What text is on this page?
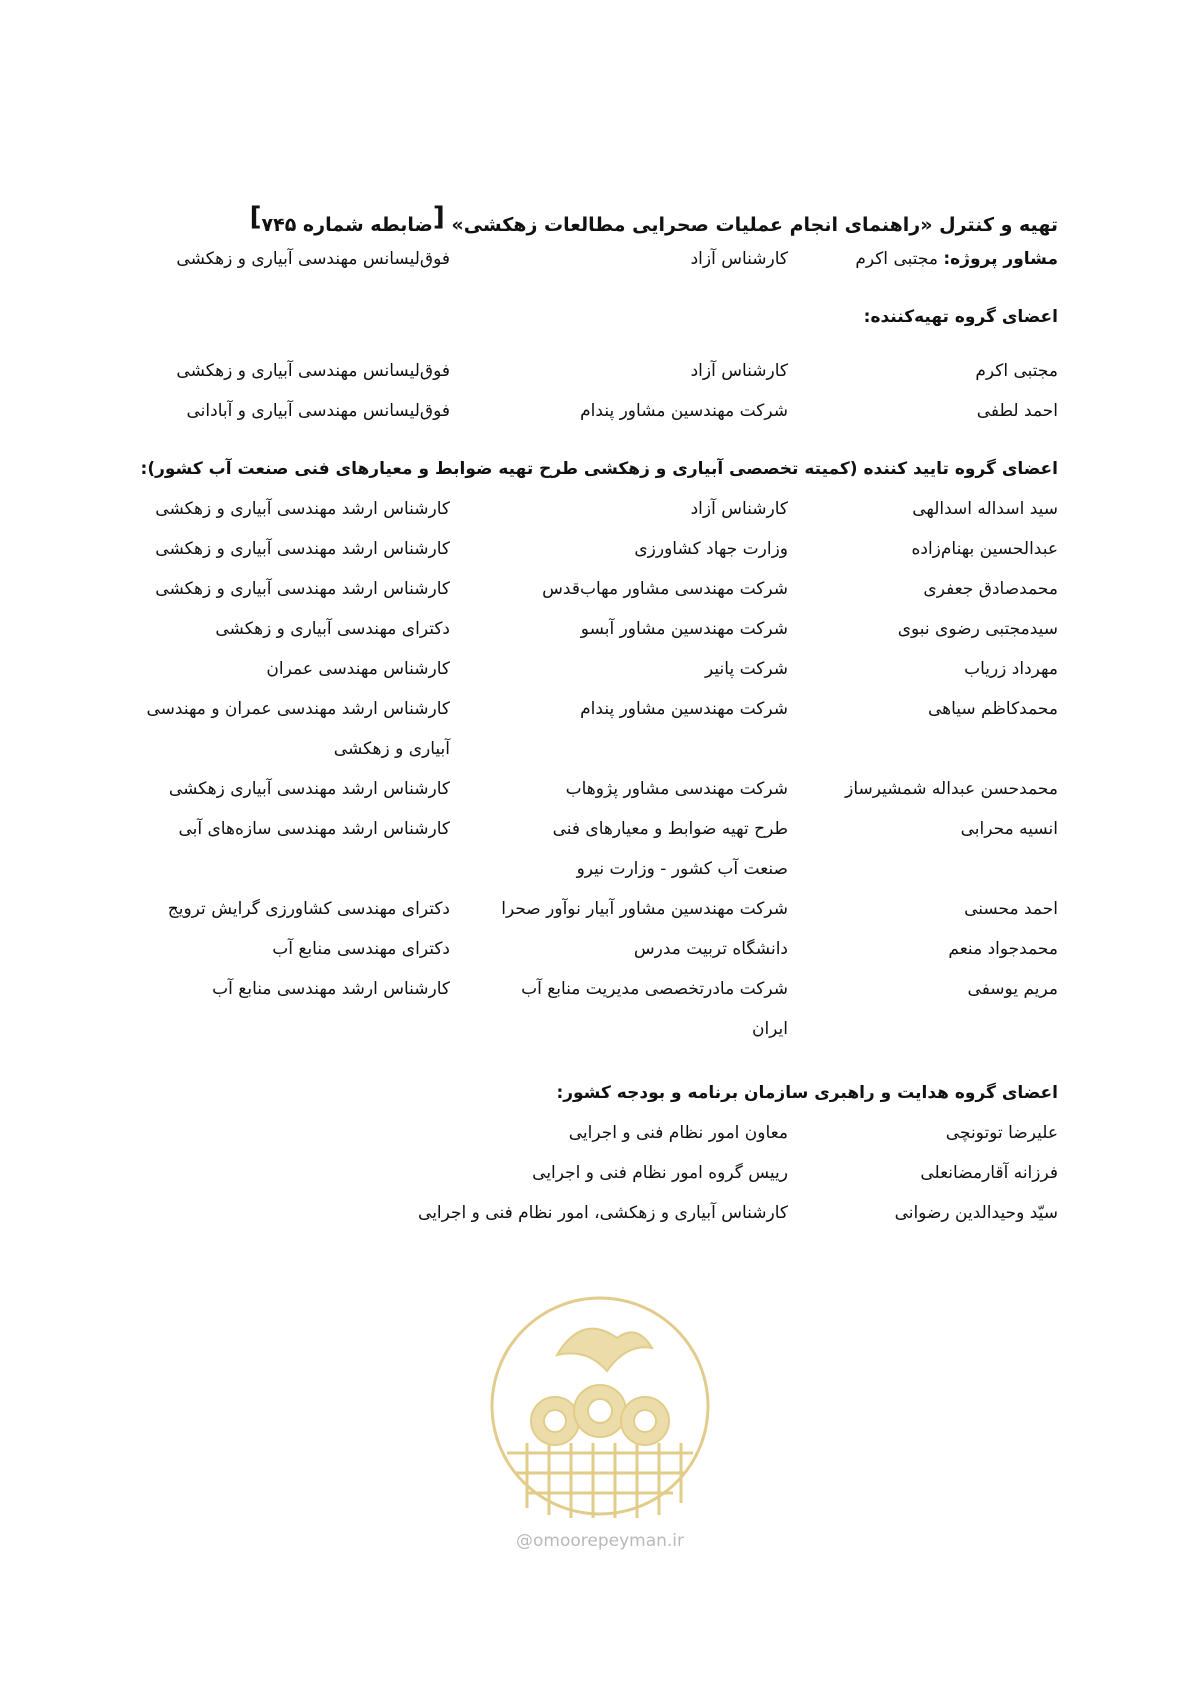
تهیه و کنترل «راهنمای انجام عملیات صحرایی مطالعات زهکشی» [ضابطه شماره ۷۴۵]
مشاور پروژه: مجتبی اکرم
کارشناس آزاد
فوق‌لیسانس مهندسی آبیاری و زهکشی
اعضای گروه تهیه‌کننده:
مجتبی اکرم
کارشناس آزاد
فوق‌لیسانس مهندسی آبیاری و زهکشی
احمد لطفی
شرکت مهندسین مشاور پندام
فوق‌لیسانس مهندسی آبیاری و آبادانی
اعضای گروه تایید کننده (کمیته تخصصی آبیاری و زهکشی طرح تهیه ضوابط و معیارهای فنی صنعت آب کشور):
سید اسداله اسدالهی
کارشناس آزاد
کارشناس ارشد مهندسی آبیاری و زهکشی
عبدالحسین بهنام‌زاده
وزارت جهاد کشاورزی
کارشناس ارشد مهندسی آبیاری و زهکشی
محمدصادق جعفری
شرکت مهندسی مشاور مهاب‌قدس
کارشناس ارشد مهندسی آبیاری و زهکشی
سیدمجتبی رضوی نبوی
شرکت مهندسین مشاور آبسو
دکترای مهندسی آبیاری و زهکشی
مهرداد زریاب
شرکت پانیر
کارشناس مهندسی عمران
محمدکاظم سیاهی
شرکت مهندسین مشاور پندام
کارشناس ارشد مهندسی عمران و مهندسی
آبیاری و زهکشی
محمدحسن عبداله شمشیرساز
شرکت مهندسی مشاور پژوهاب
کارشناس ارشد مهندسی آبیاری زهکشی
انسیه محرابی
طرح تهیه ضوابط و معیارهای فنی
صنعت آب کشور - وزارت نیرو
کارشناس ارشد مهندسی سازه‌های آبی
احمد محسنی
شرکت مهندسین مشاور آبیار نوآور صحرا
دکترای مهندسی کشاورزی گرایش ترویج
محمدجواد منعم
دانشگاه تربیت مدرس
دکترای مهندسی منابع آب
مریم یوسفی
شرکت مادرتخصصی مدیریت منابع آب
ایران
کارشناس ارشد مهندسی منابع آب
اعضای گروه هدایت و راهبری سازمان برنامه و بودجه کشور:
علیرضا توتونچی
معاون امور نظام فنی و اجرایی
فرزانه آقارمضانعلی
رییس گروه امور نظام فنی و اجرایی
سیّد وحیدالدین رضوانی
کارشناس آبیاری و زهکشی، امور نظام فنی و اجرایی
@omoorepeyman.ir
